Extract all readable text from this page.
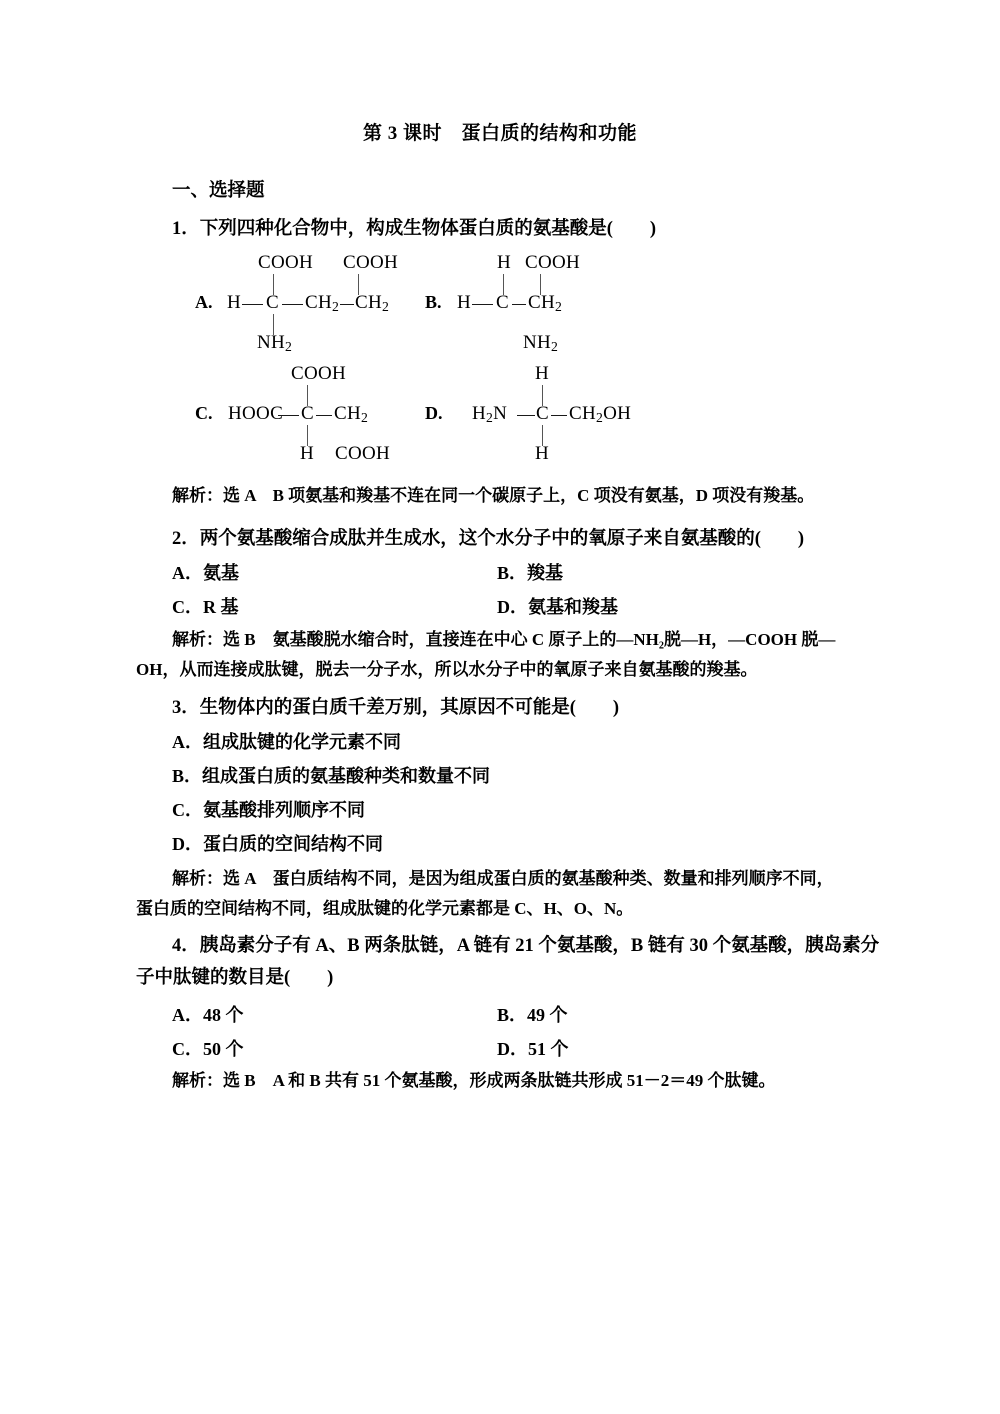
第 3 课时　蛋白质的结构和功能
一、选择题
1．下列四种化合物中，构成生物体蛋白质的氨基酸是(　　)
A.
COOH COOH
H C $CH_2$ $CH_2$
$NH_2$
B.
H COOH
H C $CH_2$
$NH_2$
C.
COOH
HOOC C $CH_2$
H COOH
D.
H
$H_2N$ C $CH_2OH$
H
解析：选 A　B 项氨基和羧基不连在同一个碳原子上，C 项没有氨基，D 项没有羧基。
2．两个氨基酸缩合成肽并生成水，这个水分子中的氧原子来自氨基酸的(　　)
A．氨基	B．羧基
C．R 基	D．氨基和羧基
解析：选 B　氨基酸脱水缩合时，直接连在中心 C 原子上的—NH₂脱—H，—COOH 脱—
OH，从而连接成肽键，脱去一分子水，所以水分子中的氧原子来自氨基酸的羧基。
3．生物体内的蛋白质千差万别，其原因不可能是(　　)
A．组成肽键的化学元素不同
B．组成蛋白质的氨基酸种类和数量不同
C．氨基酸排列顺序不同
D．蛋白质的空间结构不同
解析：选 A　蛋白质结构不同，是因为组成蛋白质的氨基酸种类、数量和排列顺序不同，
蛋白质的空间结构不同，组成肽键的化学元素都是 C、H、O、N。
4．胰岛素分子有 A、B 两条肽链，A 链有 21 个氨基酸，B 链有 30 个氨基酸，胰岛素分
子中肽键的数目是(　　)
A．48 个	B．49 个
C．50 个	D．51 个
解析：选 B　A 和 B 共有 51 个氨基酸，形成两条肽链共形成 51－2＝49 个肽键。
